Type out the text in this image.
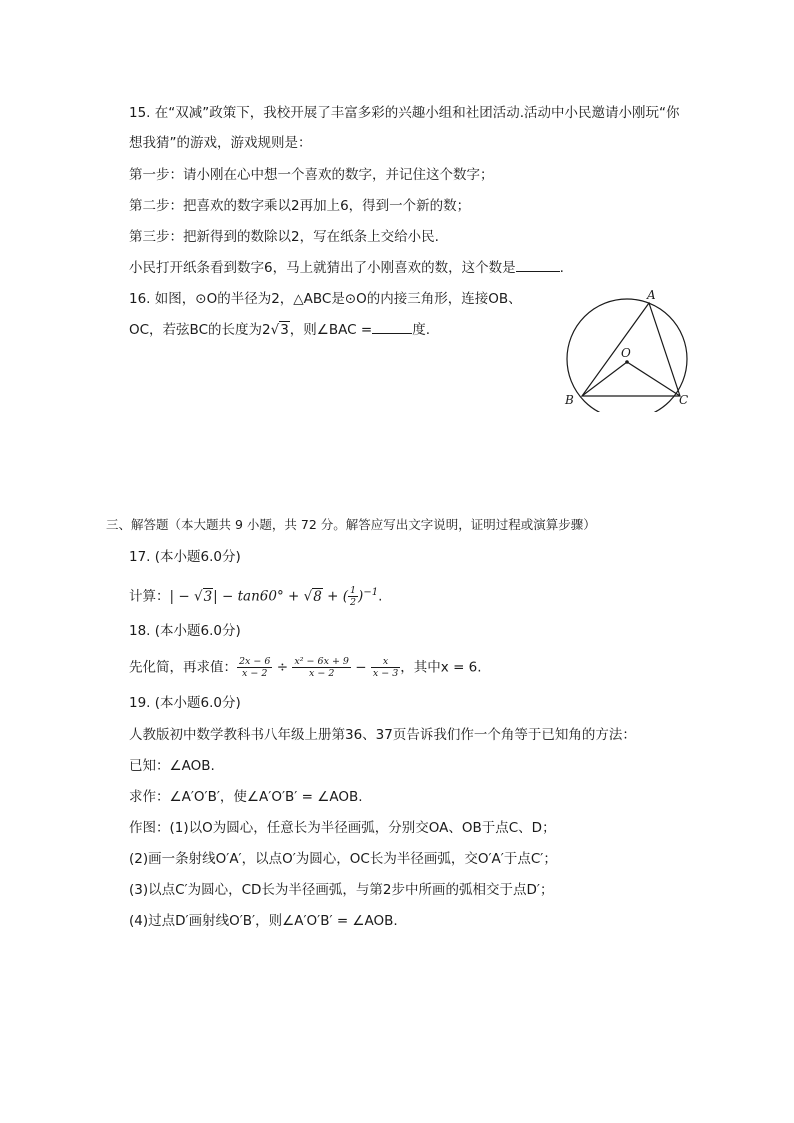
15. 在“双减”政策下，我校开展了丰富多彩的兴趣小组和社团活动.活动中小民邀请小刚玩“你
想我猜”的游戏，游戏规则是：
第一步：请小刚在心中想一个喜欢的数字，并记住这个数字；
第二步：把喜欢的数字乘以2再加上6，得到一个新的数；
第三步：把新得到的数除以2，写在纸条上交给小民.
小民打开纸条看到数字6，马上就猜出了小刚喜欢的数，这个数是	.
16. 如图，⊙O的半径为2，△ABC是⊙O的内接三角形，连接OB、
OC，若弦BC的长度为2√3，则∠BAC =	度.
A
O
B	C
三、解答题（本大题共 9 小题，共 72 分。解答应写出文字说明，证明过程或演算步骤）
17. (本小题6.0分)
计算：| − √3| − tan60° + √8 + ( $\frac{1}{2} )^{-1}$.
18. (本小题6.0分)
先化简，再求值： $\frac{2x - 6}{x - 2} \div \frac{\text{x² − 6x + 9}}{x - 2} - \frac{x}{x - 3}$ ，其中x = 6.
19. (本小题6.0分)
人教版初中数学教科书八年级上册第36、37页告诉我们作一个角等于已知角的方法：
已知：∠AOB.
求作：∠A′O′B′，使∠A′O′B′ = ∠AOB.
作图：(1)以O为圆心，任意长为半径画弧，分别交OA、OB于点C、D；
(2)画一条射线O′A′，以点O′为圆心，OC长为半径画弧，交O′A′于点C′；
(3)以点C′为圆心，CD长为半径画弧，与第2步中所画的弧相交于点D′；
(4)过点D′画射线O′B′，则∠A′O′B′ = ∠AOB.
